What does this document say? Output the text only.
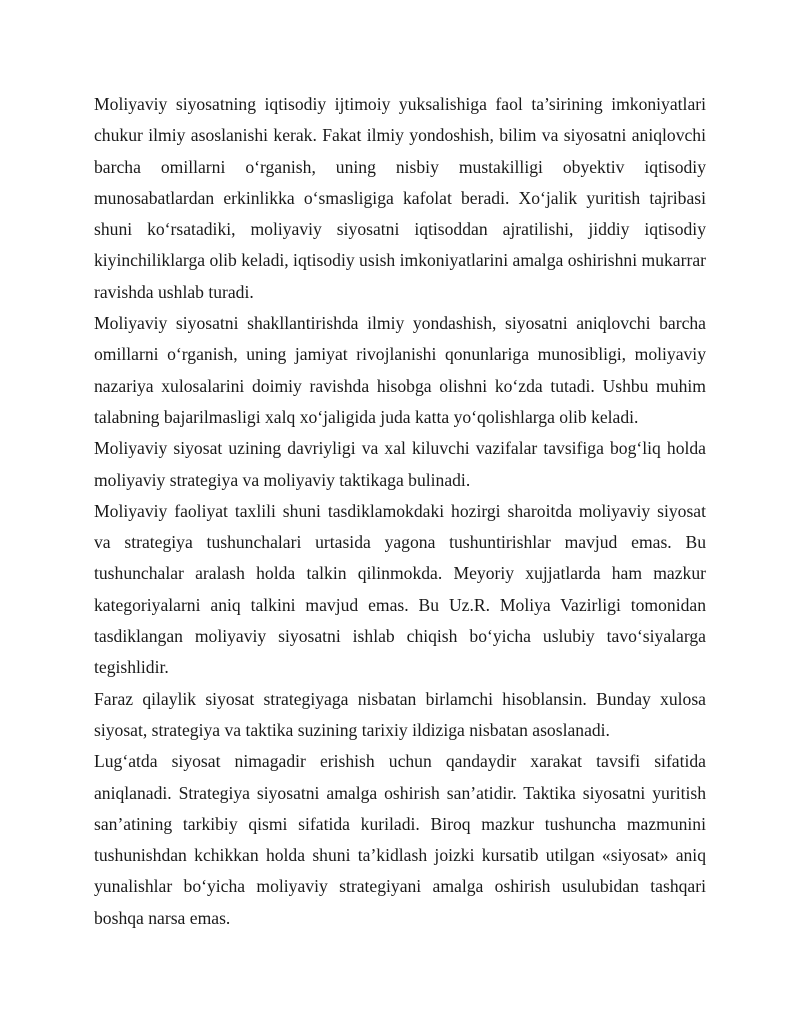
Moliyaviy siyosatning iqtisodiy ijtimoiy yuksalishiga faol ta’sirining imkoniyatlari chukur ilmiy asoslanishi kerak. Fakat ilmiy yondoshish, bilim va siyosatni aniqlovchi barcha omillarni o‘rganish, uning nisbiy mustakilligi obyektiv iqtisodiy munosabatlardan erkinlikka o‘smasligiga kafolat beradi. Xo‘jalik yuritish tajribasi shuni ko‘rsatadiki, moliyaviy siyosatni iqtisoddan ajratilishi, jiddiy iqtisodiy kiyinchiliklarga olib keladi, iqtisodiy usish imkoniyatlarini amalga oshirishni mukarrar ravishda ushlab turadi.

Moliyaviy siyosatni shakllantirishda ilmiy yondashish, siyosatni aniqlovchi barcha omillarni o‘rganish, uning jamiyat rivojlanishi qonunlariga munosibligi, moliyaviy nazariya xulosalarini doimiy ravishda hisobga olishni ko‘zda tutadi. Ushbu muhim talabning bajarilmasligi xalq xo‘jaligida juda katta yo‘qolishlarga olib keladi.

Moliyaviy siyosat uzining davriyligi va xal kiluvchi vazifalar tavsifiga bog‘liq holda moliyaviy strategiya va moliyaviy taktikaga bulinadi.

Moliyaviy faoliyat taxlili shuni tasdiklamokdaki hozirgi sharoitda moliyaviy siyosat va strategiya tushunchalari urtasida yagona tushuntirishlar mavjud emas. Bu tushunchalar aralash holda talkin qilinmokda. Meyoriy xujjatlarda ham mazkur kategoriyalarni aniq talkini mavjud emas. Bu Uz.R. Moliya Vazirligi tomonidan tasdiklangan moliyaviy siyosatni ishlab chiqish bo‘yicha uslubiy tavo‘siyalarga tegishlidir.

Faraz qilaylik siyosat strategiyaga nisbatan birlamchi hisoblansin. Bunday xulosa siyosat, strategiya va taktika suzining tarixiy ildiziga nisbatan asoslanadi.

Lug‘atda siyosat nimagadir erishish uchun qandaydir xarakat tavsifi sifatida aniqlanadi. Strategiya siyosatni amalga oshirish san’atidir. Taktika siyosatni yuritish san’atining tarkibiy qismi sifatida kuriladi. Biroq mazkur tushuncha mazmunini tushunishdan kchikkan holda shuni ta’kidlash joizki kursatib utilgan «siyosat» aniq yunalishlar bo‘yicha moliyaviy strategiyani amalga oshirish usulubidan tashqari boshqa narsa emas.
